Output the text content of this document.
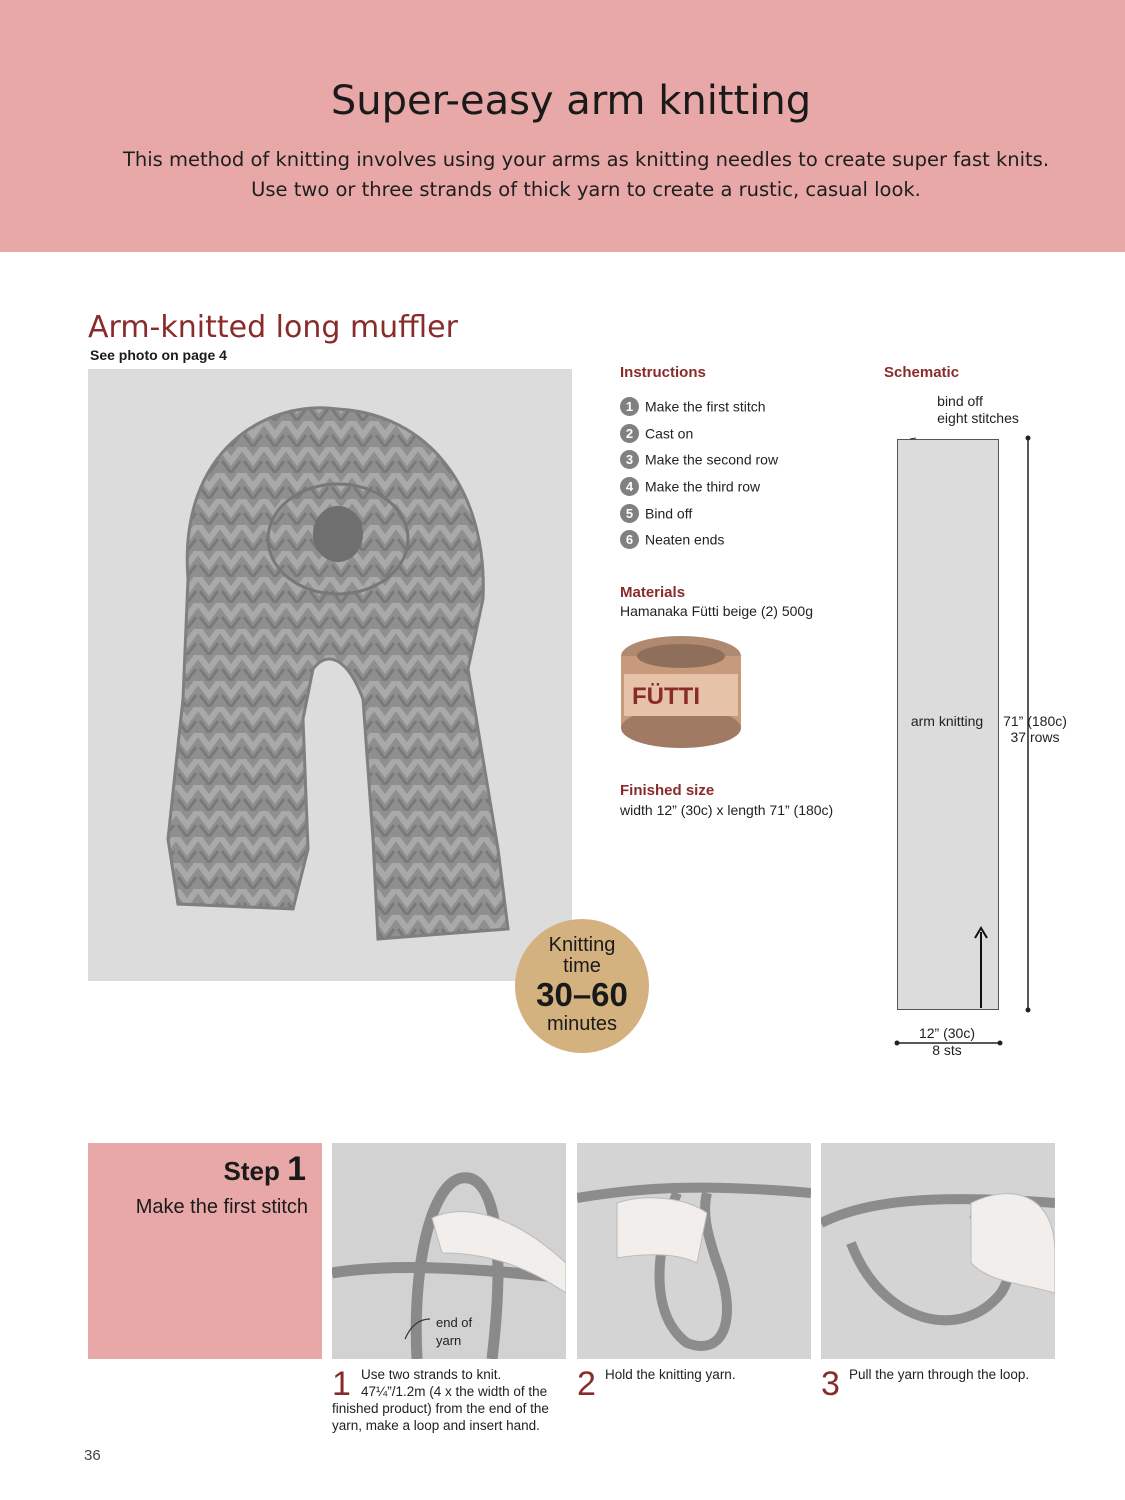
Super-easy arm knitting
This method of knitting involves using your arms as knitting needles to create super fast knits.
Use two or three strands of thick yarn to create a rustic, casual look.
Arm-knitted long muffler
See photo on page 4
Knitting
time
30–60
minutes
Instructions
1 Make the first stitch
2 Cast on
3 Make the second row
4 Make the third row
5 Bind off
6 Neaten ends
Materials
Hamanaka Fütti beige (2) 500g
FÜTTI
Finished size
width 12” (30c) x length 71” (180c)
Schematic
bind off
eight stitches
arm knitting	71” (180c)
37 rows
12” (30c)
8 sts
Step 1
Make the first stitch
end of
yarn
1 Use two strands to knit.
47¼”/1.2m (4 x the width of the
finished product) from the end of the
yarn, make a loop and insert hand.
2 Hold the knitting yarn.	3 Pull the yarn through the loop.
36
